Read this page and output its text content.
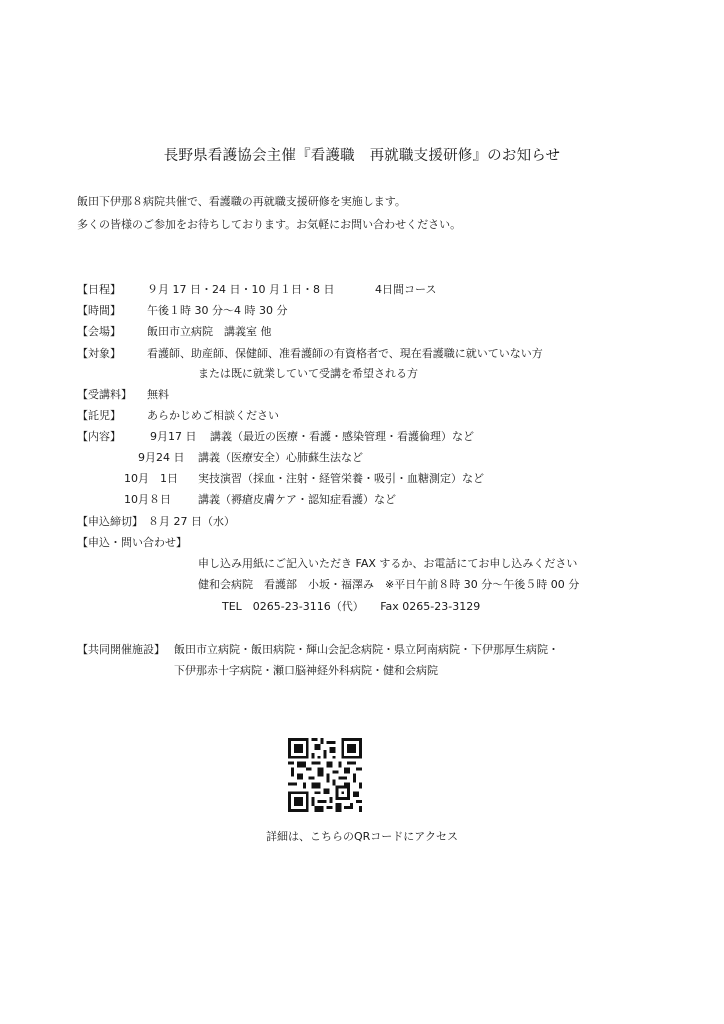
長野県看護協会主催『看護職　再就職支援研修』のお知らせ
飯田下伊那８病院共催で、看護職の再就職支援研修を実施します。
多くの皆様のご参加をお待ちしております。お気軽にお問い合わせください。
【日程】 ９月 17 日・24 日・10 月１日・8 日	4日間コース
【時間】 午後１時 30 分～4 時 30 分
【会場】 飯田市立病院　講義室 他
【対象】 看護師、助産師、保健師、准看護師の有資格者で、現在看護職に就いていない方
または既に就業していて受講を希望される方
【受講料】 無料
【託児】 あらかじめご相談ください
【内容】	9月17 日 講義（最近の医療・看護・感染管理・看護倫理）など
9月24 日 講義（医療安全）心肺蘇生法など
10月　1日 実技演習（採血・注射・経管栄養・吸引・血糖測定）など
10月８日 講義（褥瘡皮膚ケア・認知症看護）など
【申込締切】 ８月 27 日（水）
【申込・問い合わせ】
申し込み用紙にご記入いただき FAX するか、お電話にてお申し込みください
健和会病院　看護部　小坂・福澤み　※平日午前８時 30 分～午後５時 00 分
TEL　0265-23-3116（代）　　Fax 0265-23-3129
【共同開催施設】 飯田市立病院・飯田病院・輝山会記念病院・県立阿南病院・下伊那厚生病院・
下伊那赤十字病院・瀬口脳神経外科病院・健和会病院
詳細は、こちらのQRコードにアクセス
